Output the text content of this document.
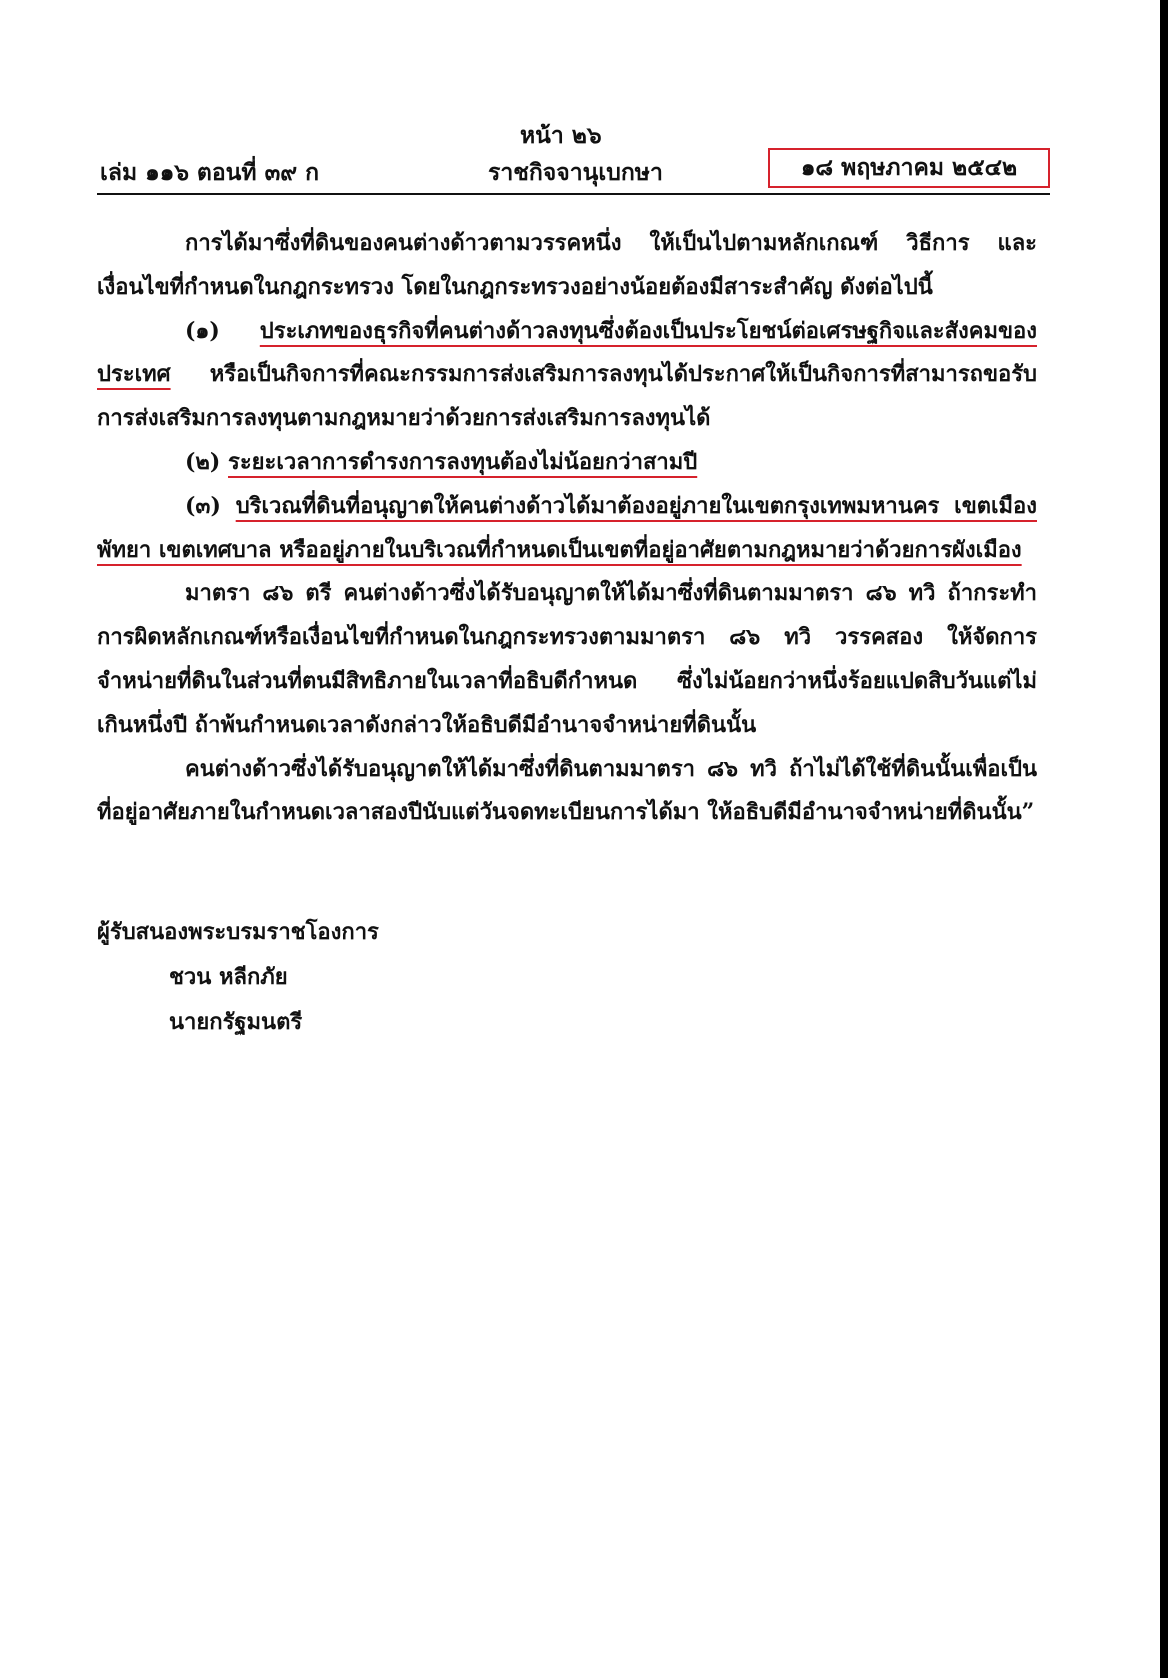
หน้า ๒๖
เล่ม ๑๑๖ ตอนที่ ๓๙ ก	ราชกิจจานุเบกษา	๑๘ พฤษภาคม ๒๕๔๒

การได้มาซึ่งที่ดินของคนต่างด้าวตามวรรคหนึ่ง ให้เป็นไปตามหลักเกณฑ์ วิธีการ และเงื่อนไขที่กำหนดในกฎกระทรวง โดยในกฎกระทรวงอย่างน้อยต้องมีสาระสำคัญ ดังต่อไปนี้

(๑) ประเภทของธุรกิจที่คนต่างด้าวลงทุนซึ่งต้องเป็นประโยชน์ต่อเศรษฐกิจและสังคมของประเทศ หรือเป็นกิจการที่คณะกรรมการส่งเสริมการลงทุนได้ประกาศให้เป็นกิจการที่สามารถขอรับการส่งเสริมการลงทุนตามกฎหมายว่าด้วยการส่งเสริมการลงทุนได้

(๒) ระยะเวลาการดำรงการลงทุนต้องไม่น้อยกว่าสามปี

(๓) บริเวณที่ดินที่อนุญาตให้คนต่างด้าวได้มาต้องอยู่ภายในเขตกรุงเทพมหานคร เขตเมืองพัทยา เขตเทศบาล หรืออยู่ภายในบริเวณที่กำหนดเป็นเขตที่อยู่อาศัยตามกฎหมายว่าด้วยการผังเมือง

มาตรา ๘๖ ตรี คนต่างด้าวซึ่งได้รับอนุญาตให้ได้มาซึ่งที่ดินตามมาตรา ๘๖ ทวิ ถ้ากระทำการผิดหลักเกณฑ์หรือเงื่อนไขที่กำหนดในกฎกระทรวงตามมาตรา ๘๖ ทวิ วรรคสอง ให้จัดการจำหน่ายที่ดินในส่วนที่ตนมีสิทธิภายในเวลาที่อธิบดีกำหนด ซึ่งไม่น้อยกว่าหนึ่งร้อยแปดสิบวันแต่ไม่เกินหนึ่งปี ถ้าพ้นกำหนดเวลาดังกล่าวให้อธิบดีมีอำนาจจำหน่ายที่ดินนั้น

คนต่างด้าวซึ่งได้รับอนุญาตให้ได้มาซึ่งที่ดินตามมาตรา ๘๖ ทวิ ถ้าไม่ได้ใช้ที่ดินนั้นเพื่อเป็นที่อยู่อาศัยภายในกำหนดเวลาสองปีนับแต่วันจดทะเบียนการได้มา ให้อธิบดีมีอำนาจจำหน่ายที่ดินนั้น”

ผู้รับสนองพระบรมราชโองการ
ชวน หลีกภัย
นายกรัฐมนตรี
